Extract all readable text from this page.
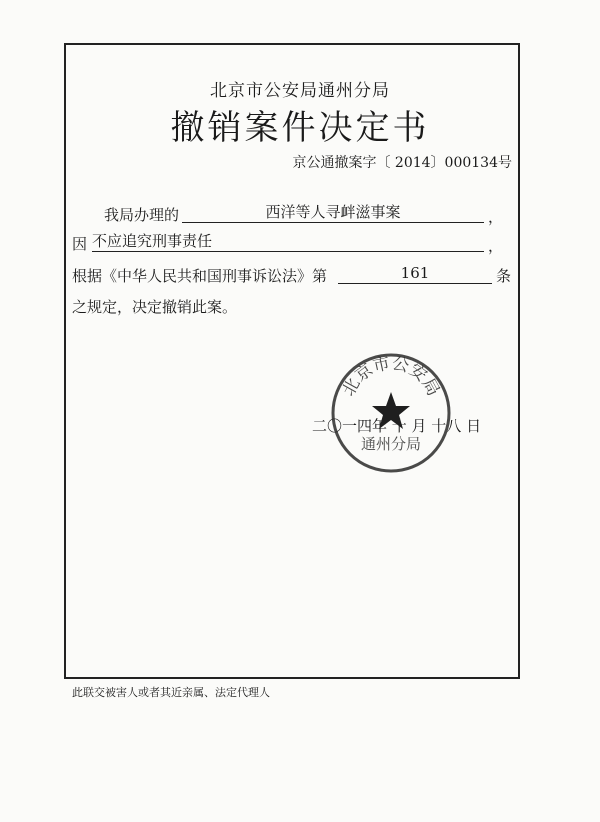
北京市公安局通州分局
撤销案件决定书
京公通撤案字〔 2014〕000134号
我局办理的	西洋等人寻衅滋事案	，
因 不应追究刑事责任	，
根据《中华人民共和国刑事诉讼法》第	161	条
之规定，决定撤销此案。
二〇一四年 十 月 十八 日
北京市公安局
通州分局
此联交被害人或者其近亲属、法定代理人
